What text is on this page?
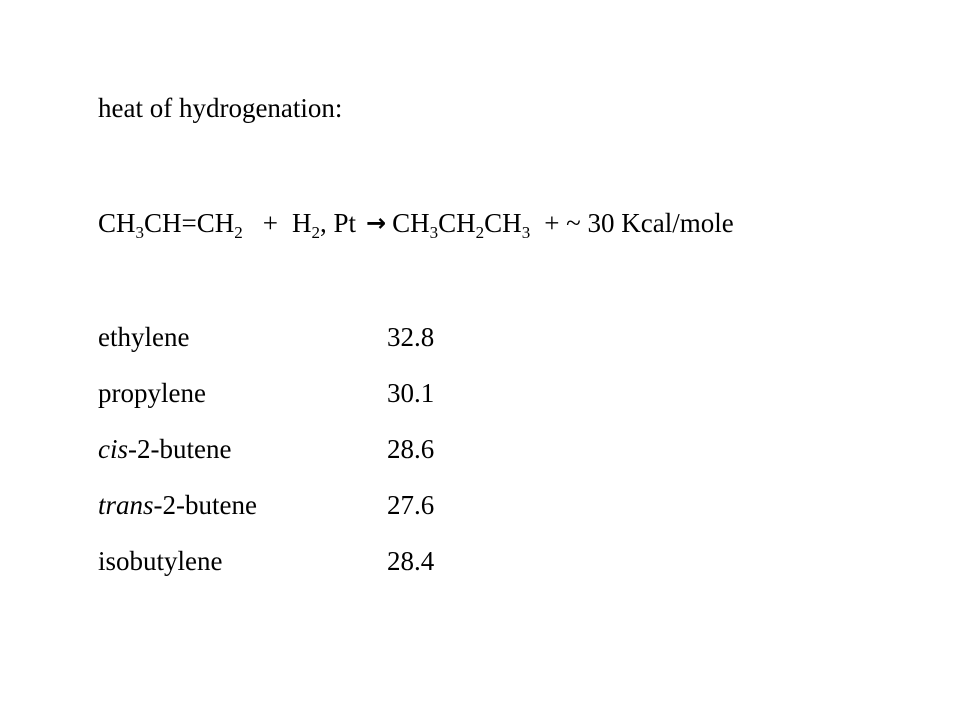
heat of hydrogenation:
$CH_3CH=CH_2 + H_2$, $Pt \to CH_3CH_2CH_3$ + ~ 30 Kcal/mole
ethylene	32.8
propylene	30.1
cis-2-butene	28.6
trans-2-butene	27.6
isobutylene	28.4
